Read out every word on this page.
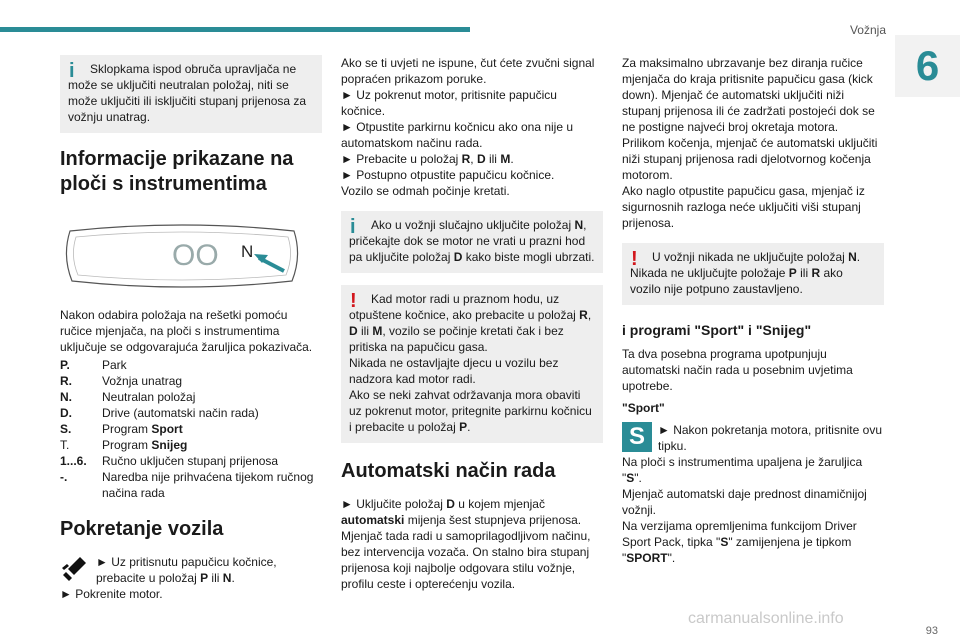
Vožnja
6
i	Sklopkama ispod obruča upravljača ne može se uključiti neutralan položaj, niti se može uključiti ili isključiti stupanj prijenosa za vožnju unatrag.

Informacije prikazane na ploči s instrumentima
OO N

Nakon odabira položaja na rešetki pomoću ručice mjenjača, na ploči s instrumentima uključuje se odgovarajuća žaruljica pokazivača.

P.	Park
R.	Vožnja unatrag
N.	Neutralan položaj
D.	Drive (automatski način rada)
S.	Program Sport
T.	Program Snijeg
1...6.	Ručno uključen stupanj prijenosa
-.	Naredba nije prihvaćena tijekom ručnog načina rada
Pokretanje vozila

► Uz pritisnutu papučicu kočnice, prebacite u položaj P ili N.

► Pokrenite motor.

Ako se ti uvjeti ne ispune, čut ćete zvučni signal popraćen prikazom poruke.

► Uz pokrenut motor, pritisnite papučicu kočnice.

► Otpustite parkirnu kočnicu ako ona nije u automatskom načinu rada.

► Prebacite u položaj R, D ili M.

► Postupno otpustite papučicu kočnice.

Vozilo se odmah počinje kretati.

i	Ako u vožnji slučajno uključite položaj N, pričekajte dok se motor ne vrati u prazni hod pa uključite položaj D kako biste mogli ubrzati.

!	Kad motor radi u praznom hodu, uz otpuštene kočnice, ako prebacite u položaj R, D ili M, vozilo se počinje kretati čak i bez pritiska na papučicu gasa.

Nikada ne ostavljajte djecu u vozilu bez nadzora kad motor radi.

Ako se neki zahvat održavanja mora obaviti uz pokrenut motor, pritegnite parkirnu kočnicu i prebacite u položaj P.

Automatski način rada

► Uključite položaj D u kojem mjenjač automatski mijenja šest stupnjeva prijenosa.

Mjenjač tada radi u samoprilagodljivom načinu, bez intervencija vozača. On stalno bira stupanj prijenosa koji najbolje odgovara stilu vožnje, profilu ceste i opterećenju vozila.

Za maksimalno ubrzavanje bez diranja ručice mjenjača do kraja pritisnite papučicu gasa (kick down). Mjenjač će automatski uključiti niži stupanj prijenosa ili će zadržati postojeći dok se ne postigne najveći broj okretaja motora.

Prilikom kočenja, mjenjač će automatski uključiti niži stupanj prijenosa radi djelotvornog kočenja motorom.

Ako naglo otpustite papučicu gasa, mjenjač iz sigurnosnih razloga neće uključiti viši stupanj prijenosa.

!	U vožnji nikada ne uključujte položaj N. Nikada ne uključujte položaje P ili R ako vozilo nije potpuno zaustavljeno.

i programi "Sport" i "Snijeg"

Ta dva posebna programa upotpunjuju automatski način rada u posebnim uvjetima upotrebe.

"Sport"

S

►	Nakon pokretanja motora, pritisnite ovu tipku.

Na ploči s instrumentima upaljena je žaruljica "S".

Mjenjač automatski daje prednost dinamičnijoj vožnji.

Na verzijama opremljenima funkcijom Driver Sport Pack, tipka "S" zamijenjena je tipkom "SPORT".

carmanualsonline.info
93
